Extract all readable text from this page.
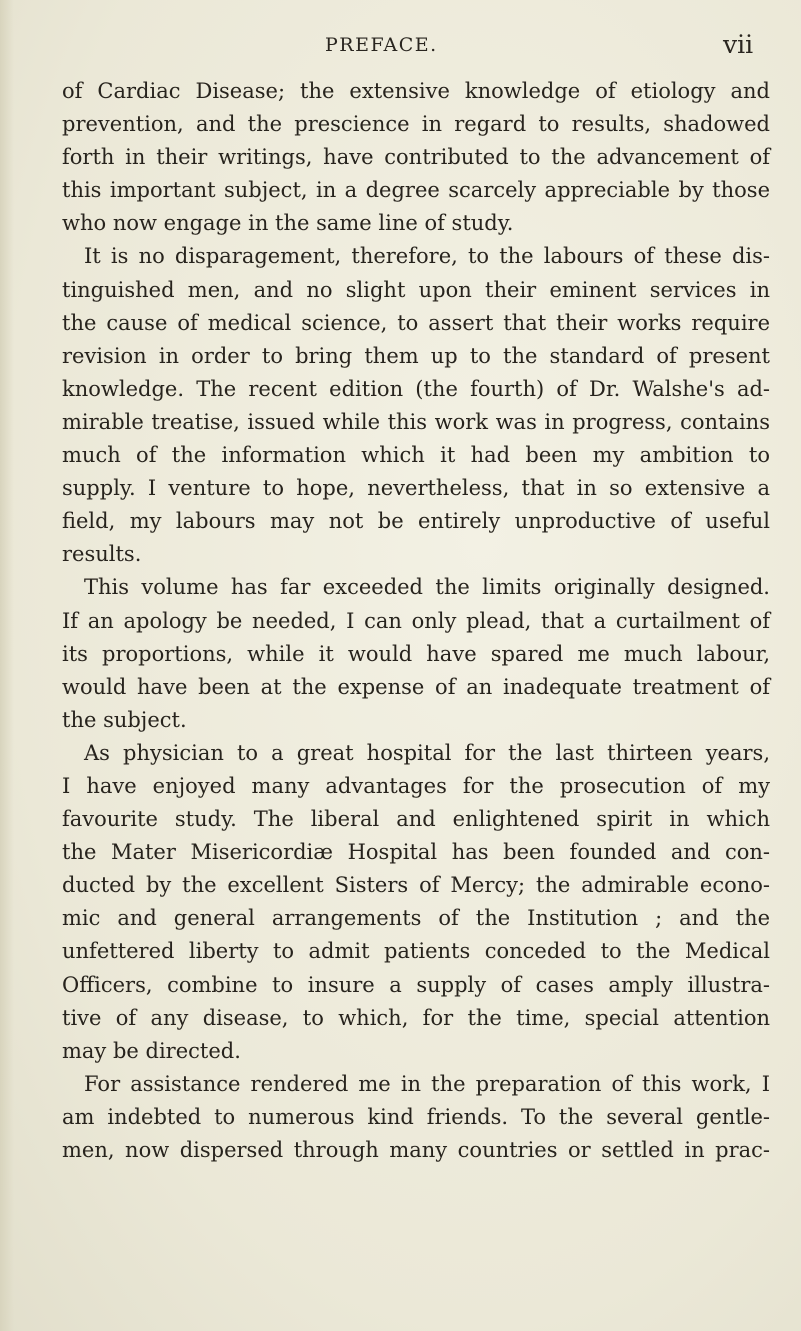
PREFACE.	vii
of Cardiac Disease; the extensive knowledge of etiology and
prevention, and the prescience in regard to results, shadowed
forth in their writings, have contributed to the advancement of
this important subject, in a degree scarcely appreciable by those
who now engage in the same line of study.
It is no disparagement, therefore, to the labours of these dis-
tinguished men, and no slight upon their eminent services in
the cause of medical science, to assert that their works require
revision in order to bring them up to the standard of present
knowledge. The recent edition (the fourth) of Dr. Walshe's ad-
mirable treatise, issued while this work was in progress, contains
much of the information which it had been my ambition to
supply. I venture to hope, nevertheless, that in so extensive a
field, my labours may not be entirely unproductive of useful
results.
This volume has far exceeded the limits originally designed.
If an apology be needed, I can only plead, that a curtailment of
its proportions, while it would have spared me much labour,
would have been at the expense of an inadequate treatment of
the subject.
As physician to a great hospital for the last thirteen years,
I have enjoyed many advantages for the prosecution of my
favourite study. The liberal and enlightened spirit in which
the Mater Misericordiæ Hospital has been founded and con-
ducted by the excellent Sisters of Mercy; the admirable econo-
mic and general arrangements of the Institution ; and the
unfettered liberty to admit patients conceded to the Medical
Officers, combine to insure a supply of cases amply illustra-
tive of any disease, to which, for the time, special attention
may be directed.
For assistance rendered me in the preparation of this work, I
am indebted to numerous kind friends. To the several gentle-
men, now dispersed through many countries or settled in prac-
